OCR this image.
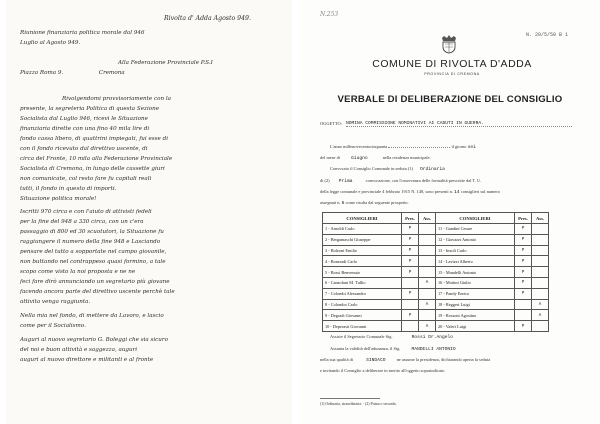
Rivolta d' Adda Agosto 949.
Riunione finanziaria politica morale dal 946
Luglio al Agosto 949.
Alla Federazione Provinciale P.S.I
Piazza Roma 9.                    Cremona
Rivolgendomi provvisoriamente con la
presente, la segreteria Politica di questa Sezione
Socialista dal Luglio 946, ricevi le Situazione
finanziaria dirette con una fino 40 mila lire di
fondo cassa libero, di quattrini impiegati, fui esse di
con il fondo ricevuto dal direttivo uscente, di
circa del Fronte, 10 mila alla Federazione Provinciale
Socialista di Cremona, in lungo delle cassette giuri
non comunicate, col resto fare fu capitali reali
tutti, il fondo in questo di importi.
Situazione politica morale!
Iscritti 970 circa e con l'aiuto di attivisti fedeli
per la fine del 948 a 330 circa, con un c'era
passaggio di 800 ed 30 scuotutori, la Situazione fu
raggiungere il numero della fine 948 e Lasciando
pensare del tutto a sopportate nel campo giovanile,
non buttando nel contrappeso quasi formino, a tale
scopo come visto la noi proposta e ne ne
feci fare dirò annunciando un segretario più giovane
facendo ancora parte del direttivo uscente perchè tale
attivita venga raggiunta.
Nella mia nel fondo, di mettere da Lavoro, e lascio
come per il Socialismo.
Auguri al nuovo segretario G. Boleggi che sia sicuro
del noi e buon attività e saggezza, auguri
auguri al nuovo direttore e militanti e al fronte
N.253
N. 20/5/50 B 1
COMUNE DI RIVOLTA D'ADDA
PROVINCIA DI CREMONA
VERBALE DI DELIBERAZIONE DEL CONSIGLIO
OGGETTO: NOMINA COMMISSIONE NOMINATIVI AI CADUTI IN GUERRA.
L'anno millenovecentocinquanta	il giorno sei
del mese di Giugno	nella residenza municipale.
Convocato il Consiglio Comunale in seduta (1) Ordinaria
di (2) Prima	convocazione, con l'osservanza delle formalità prescritte dal T. U.
della legge comunale e provinciale 4 febbraio 1915 N. 148, sono presenti n. 14 consiglieri sul numero
assegnati n. 6 come risulta dal seguente prospetto:
CONSIGLIERI	Pres.	Ass.	CONSIGLIERI	Pres.	Ass.
1 - Arnoldi Carlo	P		11 - Gandini Cesare	P	
2 - Bergamaschi Giuseppe	P		12 - Giavazzi Antonio	P	
3 - Bolzoni Emilio	P		13 - Inzoli Carlo	P	
4 - Bonzardi Carlo	P		14 - Lavizzi Alberto	P	
5 - Bossi Benvenuto	P		15 - Mandelli Antonio	P	
6 - Canzolani M. Tullio		A	16 - Mottini Giulio	P	
7 - Colombi Alessandro	P		17 - Pandy Enrico	P	
8 - Colombo Carlo		A	18 - Reggeri Luigi		A
9 - Degradi Giovanni	P		19 - Rossoni Agostino		A
10 - Deperasti Giovanni		A	20 - Valeri Luigi	P	
Assiste il Segretario Comunale Sig.	Rossi Dr.Angelo
Assunta la validità dell'adunanza, il Sig. MANDELLI ANTONIO
nella sua qualità di	SINDACO	ne assume la presidenza, dichiarando aperta la seduta
e invitando il Consiglio a deliberare in merito all'oggetto sopraindicato.
(1) Ordinaria, straordinaria. - (2) Prima o seconda.
